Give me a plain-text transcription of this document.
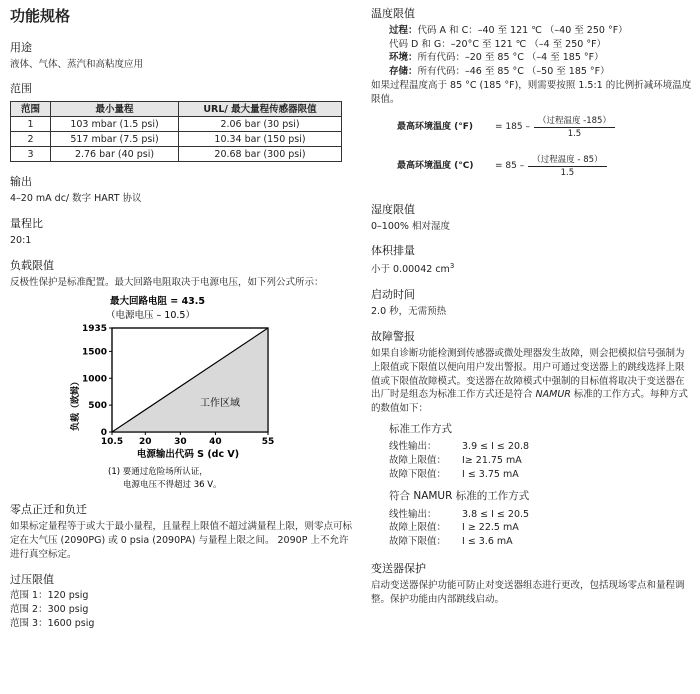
功能规格
用途

液体、气体、蒸汽和高粘度应用

范围
范围	最小量程	URL/ 最大量程传感器限值
1	103 mbar (1.5 psi)	2.06 bar (30 psi)
2	517 mbar (7.5 psi)	10.34 bar (150 psi)
3	2.76 bar (40 psi)	20.68 bar (300 psi)
输出

4–20 mA dc/ 数字 HART 协议

量程比

20:1

负载限值

反极性保护是标准配置。最大回路电阻取决于电源电压，如下列公式所示：

最大回路电阻 = 43.5
（电源电压 – 10.5）
1935
1500
1000
500
0
10.5 20	30	40	55
负载（欧姆）
电源输出代码 S (dc V)
工作区域
(1) 要通过危险场所认证，
电源电压不得超过 36 V。
零点正迁和负迁

如果标定量程等于或大于最小量程，且量程上限值不超过满量程上限，则零点可标定在大气压 (2090PG) 或 0 psia (2090PA) 与量程上限之间。 2090P 上不允许进行真空标定。

过压限值

范围 1：120 psig

范围 2：300 psig

范围 3：1600 psig

温度限值
过程：代码 A 和 C：–40 至 121 ℃ （–40 至 250 °F）
代码 D 和 G：–20°C 至 121 ℃ （–4 至 250 °F）
环境：所有代码：–20 至 85 °C （–4 至 185 °F）
存储：所有代码：–46 至 85 °C （–50 至 185 °F）

如果过程温度高于 85 °C (185 °F)，则需要按照 1.5:1 的比例折减环境温度限值。

最高环境温度 (°F)	= $185 - \frac{\text{（过程温度 -185）}}{1.5}$
最高环境温度 (°C)	= $85 - \frac{\text{（过程温度 - 85）}}{1.5}$
湿度限值

0–100% 相对湿度

体积排量

小于 0.00042 $cm^3$

启动时间

2.0 秒，无需预热

故障警报

如果自诊断功能检测到传感器或微处理器发生故障，则会把模拟信号强制为上限值或下限值以便向用户发出警报。用户可通过变送器上的跳线选择上限值或下限值故障模式。变送器在故障模式中强制的目标值将取决于变送器在出厂时是组态为标准工作方式还是符合 NAMUR 标准的工作方式。每种方式的数值如下：

标准工作方式
线性输出：	3.9 ≤ I ≤ 20.8
故障上限值：	I≥ 21.75 mA
故障下限值：	I ≤ 3.75 mA
符合 NAMUR 标准的工作方式
线性输出：	3.8 ≤ I ≤ 20.5
故障上限值：	I ≥ 22.5 mA
故障下限值：	I ≤ 3.6 mA
变送器保护

启动变送器保护功能可防止对变送器组态进行更改，包括现场零点和量程调整。保护功能由内部跳线启动。
